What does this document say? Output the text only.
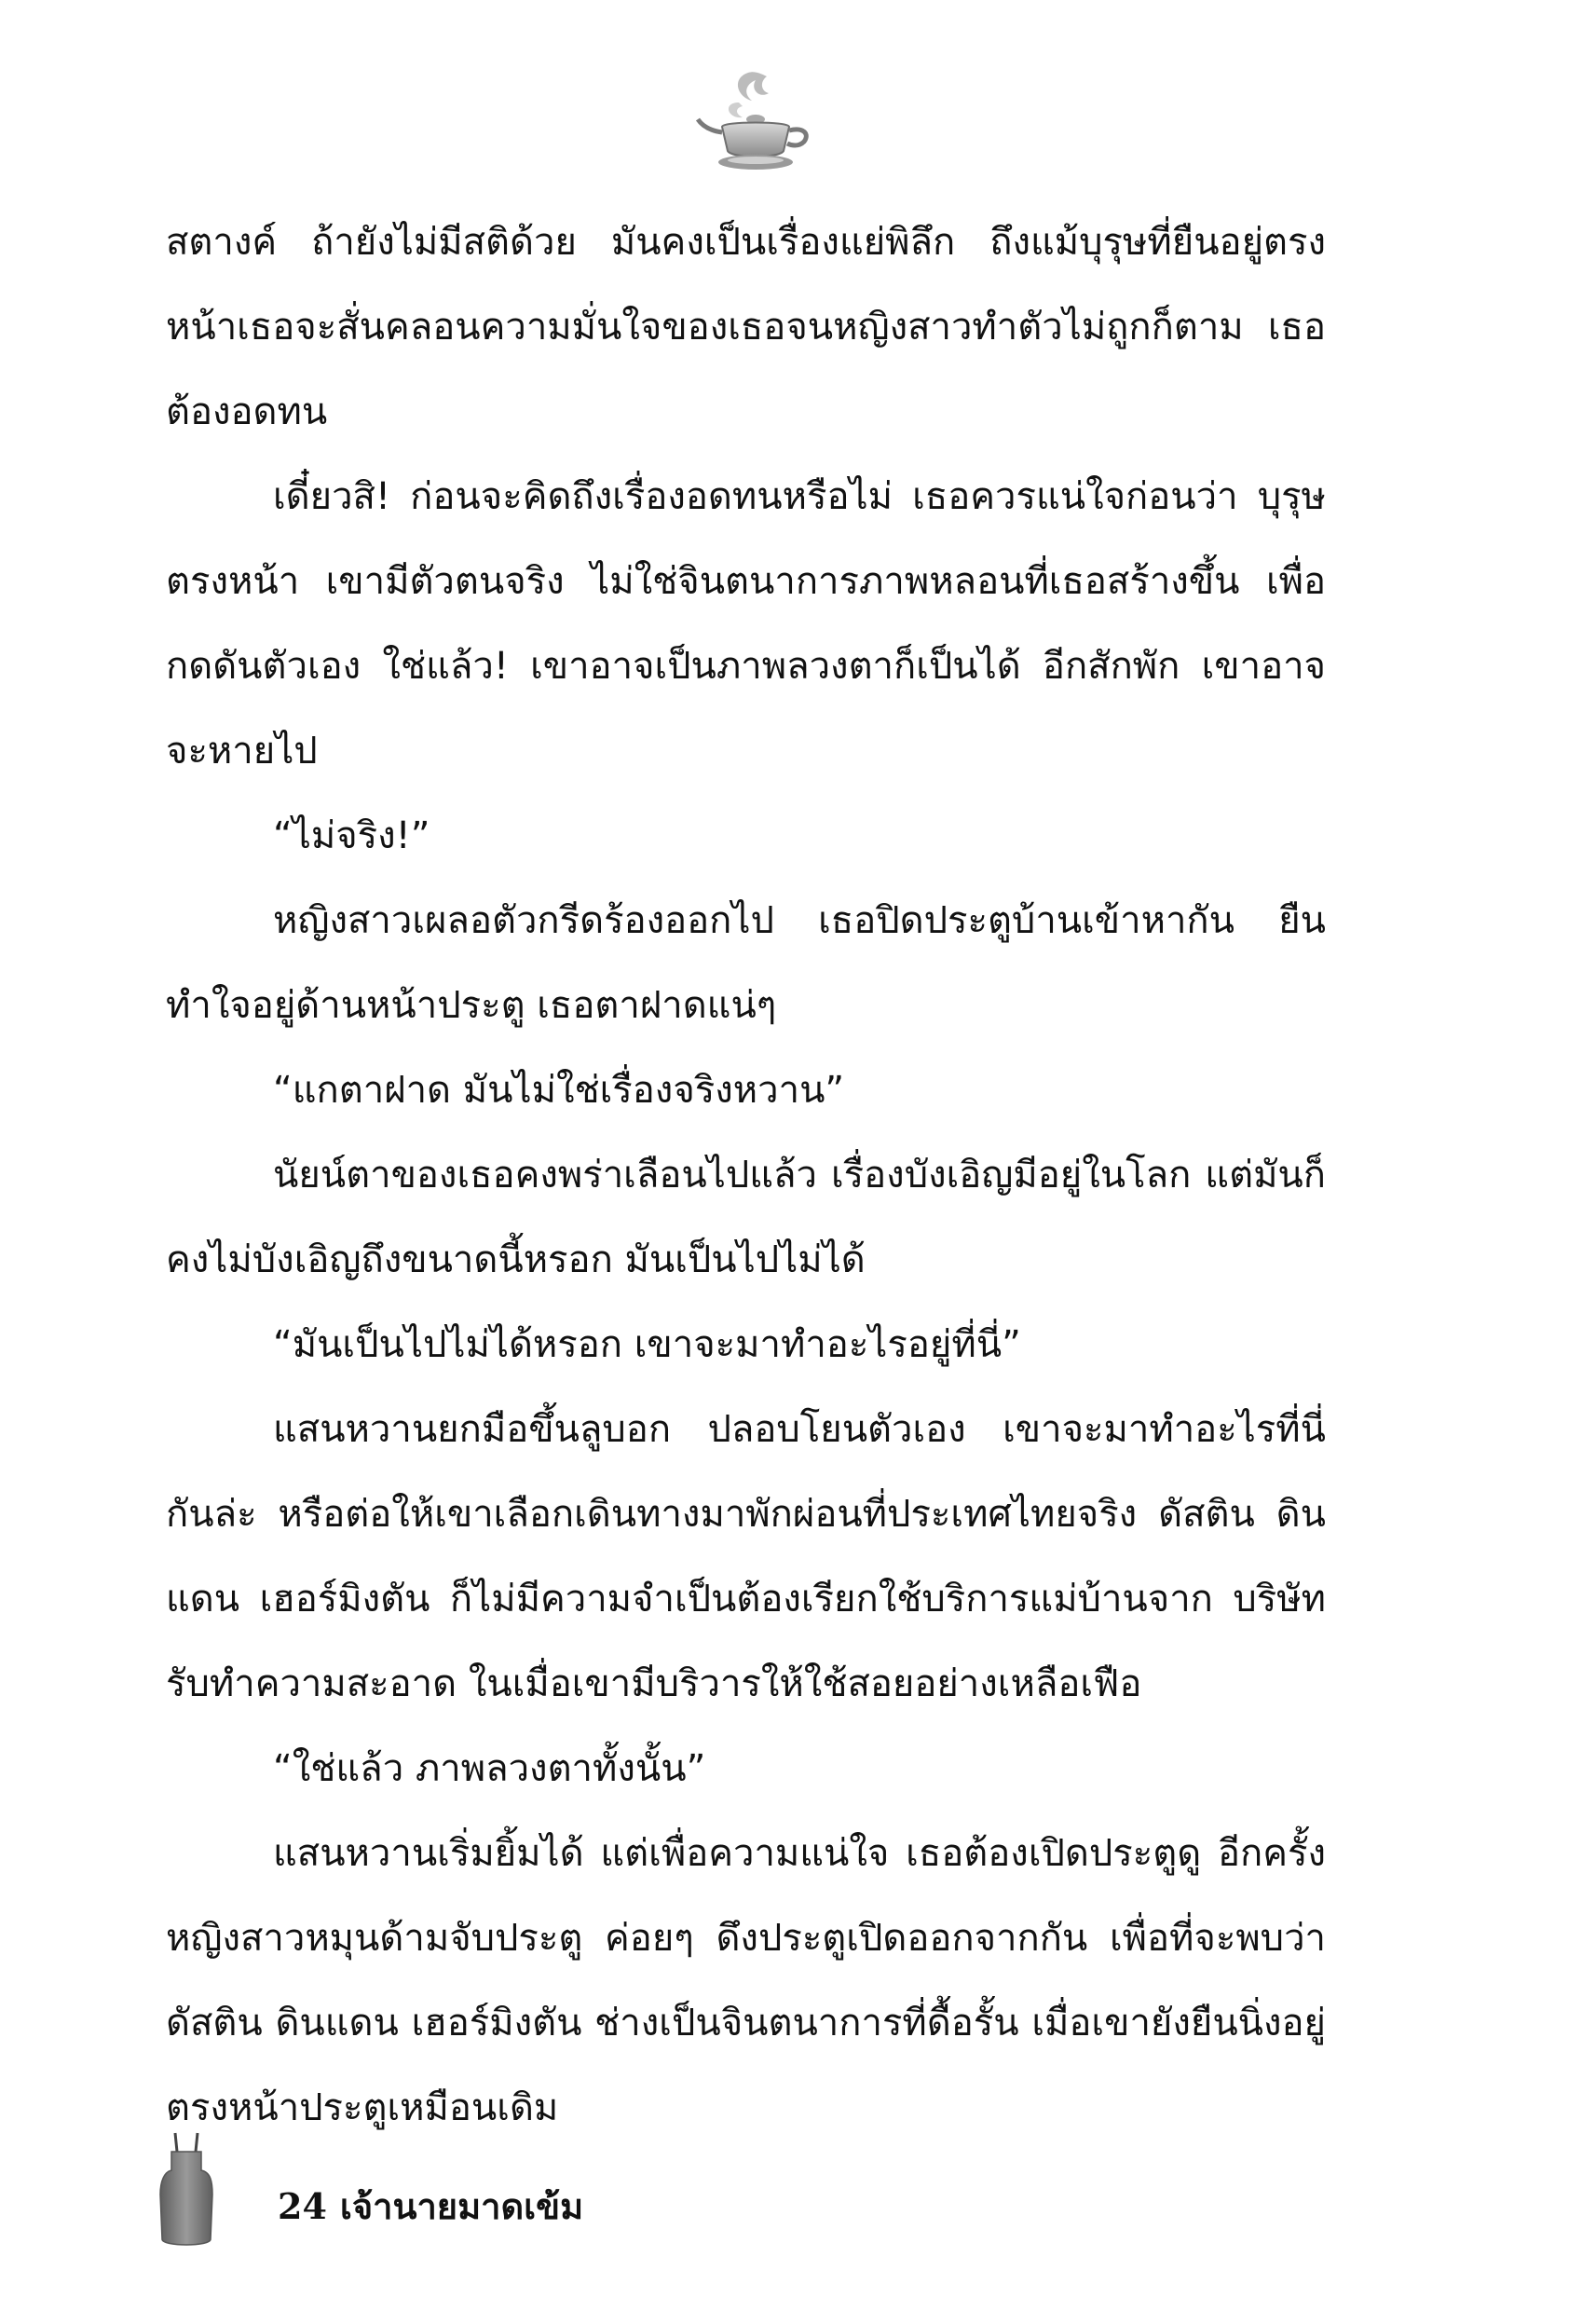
สตางค์ ถ้ายังไม่มีสติด้วย มันคงเป็นเรื่องแย่พิลึก ถึงแม้บุรุษที่ยืนอยู่ตรงหน้าเธอจะสั่นคลอนความมั่นใจของเธอจนหญิงสาวทำตัวไม่ถูกก็ตาม เธอต้องอดทน

เดี๋ยวสิ! ก่อนจะคิดถึงเรื่องอดทนหรือไม่ เธอควรแน่ใจก่อนว่า บุรุษตรงหน้า เขามีตัวตนจริง ไม่ใช่จินตนาการภาพหลอนที่เธอสร้างขึ้น เพื่อกดดันตัวเอง ใช่แล้ว! เขาอาจเป็นภาพลวงตาก็เป็นได้ อีกสักพัก เขาอาจจะหายไป

“ไม่จริง!”

หญิงสาวเผลอตัวกรีดร้องออกไป เธอปิดประตูบ้านเข้าหากัน ยืนทำใจอยู่ด้านหน้าประตู เธอตาฝาดแน่ๆ

“แกตาฝาด มันไม่ใช่เรื่องจริงหวาน”

นัยน์ตาของเธอคงพร่าเลือนไปแล้ว เรื่องบังเอิญมีอยู่ในโลก แต่มันก็คงไม่บังเอิญถึงขนาดนี้หรอก มันเป็นไปไม่ได้

“มันเป็นไปไม่ได้หรอก เขาจะมาทำอะไรอยู่ที่นี่”

แสนหวานยกมือขึ้นลูบอก ปลอบโยนตัวเอง เขาจะมาทำอะไรที่นี่ กันล่ะ หรือต่อให้เขาเลือกเดินทางมาพักผ่อนที่ประเทศไทยจริง ดัสติน ดินแดน เฮอร์มิงตัน ก็ไม่มีความจำเป็นต้องเรียกใช้บริการแม่บ้านจาก บริษัทรับทำความสะอาด ในเมื่อเขามีบริวารให้ใช้สอยอย่างเหลือเฟือ

“ใช่แล้ว ภาพลวงตาทั้งนั้น”

แสนหวานเริ่มยิ้มได้ แต่เพื่อความแน่ใจ เธอต้องเปิดประตูดู อีกครั้ง หญิงสาวหมุนด้ามจับประตู ค่อยๆ ดึงประตูเปิดออกจากกัน เพื่อที่จะพบว่า ดัสติน ดินแดน เฮอร์มิงตัน ช่างเป็นจินตนาการที่ดื้อรั้น เมื่อเขายังยืนนิ่งอยู่ตรงหน้าประตูเหมือนเดิม

24 เจ้านายมาดเข้ม
